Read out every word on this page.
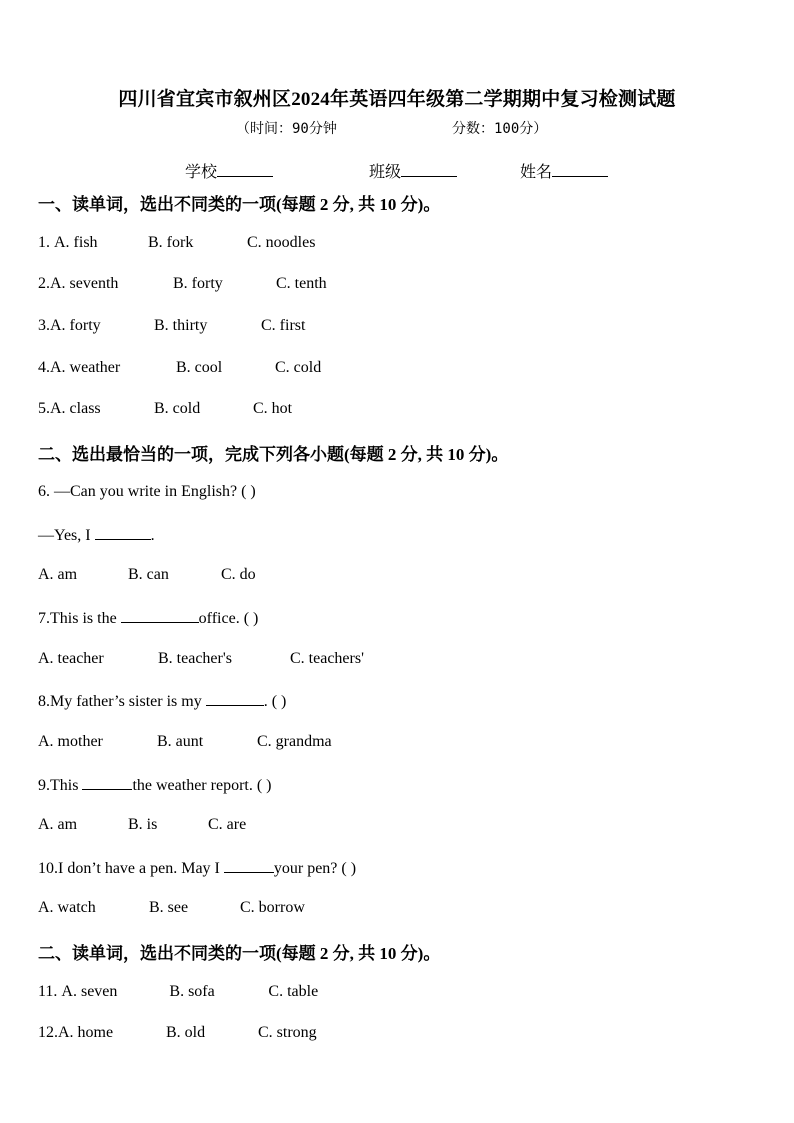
四川省宜宾市叙州区2024年英语四年级第二学期期中复习检测试题
（时间：90分钟	分数：100分）
学校	班级	姓名
一、读单词，选出不同类的一项(每题 2 分, 共 10 分)。
1. A. fish	B. fork	C. noodles
2.A. seventh	B. forty	C. tenth
3.A. forty	B. thirty	C. first
4.A. weather	B. cool	C. cold
5.A. class	B. cold	C. hot
二、选出最恰当的一项，完成下列各小题(每题 2 分, 共 10 分)。
6. —Can you write in English? ( )
—Yes, I	.
A. am	B. can	C. do
7.This is the	office. ( )
A. teacher	B. teacher's	C. teachers'
8.My father’s sister is my	. ( )
A. mother	B. aunt	C. grandma
9.This	the weather report. ( )
A. am	B. is	C. are
10.I don’t have a pen. May I	your pen? ( )
A. watch	B. see	C. borrow
二、读单词，选出不同类的一项(每题 2 分, 共 10 分)。
11. A. seven	B. sofa	C. table
12.A. home	B. old	C. strong
